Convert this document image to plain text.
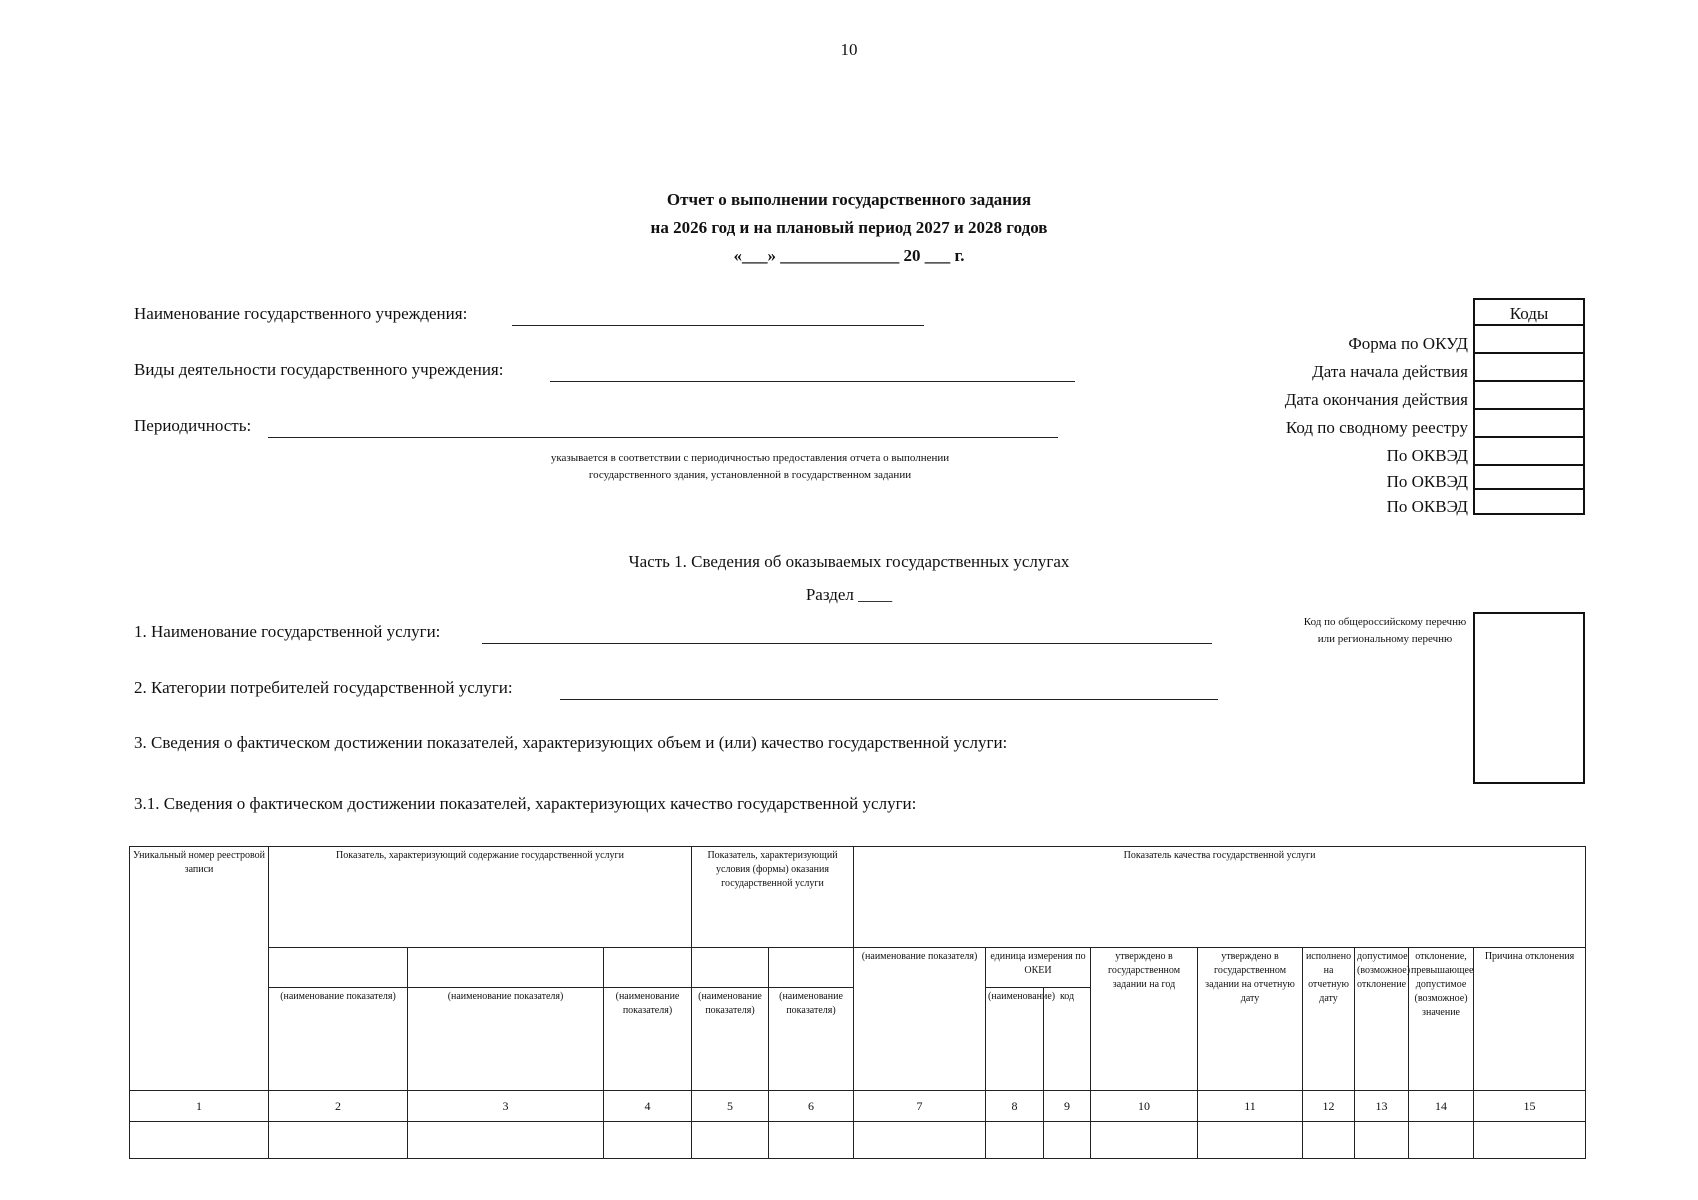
10
Отчет о выполнении государственного задания
на 2026 год и на плановый период 2027 и 2028 годов
«___» ______________ 20 ___ г.
Наименование государственного учреждения:
Виды деятельности государственного учреждения:
Периодичность:
указывается в соответствии с периодичностью предоставления отчета о выполнении
государственного здания, установленной в государственном задании
Коды
Форма по ОКУД
Дата начала действия
Дата окончания действия
Код по сводному реестру
По ОКВЭД
По ОКВЭД
По ОКВЭД
Часть 1. Сведения об оказываемых государственных услугах
Раздел ____
1. Наименование государственной услуги:
2. Категории потребителей государственной услуги:
3. Сведения о фактическом достижении показателей, характеризующих объем и (или) качество государственной услуги:
3.1. Сведения о фактическом достижении показателей, характеризующих качество государственной услуги:
Код по общероссийскому перечню или региональному перечню
Уникальный номер реестровой записи	Показатель, характеризующий содержание государственной услуги			Показатель, характеризующий условия (формы) оказания государственной услуги		Показатель качества государственной услуги								
						(наименование показателя)	единица измерения по ОКЕИ		утверждено в государственном задании на год	утверждено в государственном задании на отчетную дату	исполнено на отчетную дату	допустимое (возможное) отклонение	отклонение, превышающее допустимое (возможное) значение	Причина отклонения
	(наименование показателя)	(наименование показателя)	(наименование показателя)	(наименование показателя)	(наименование показателя)		(наименование)	код						
1	2	3	4	5	6	7	8	9	10	11	12	13	14	15
